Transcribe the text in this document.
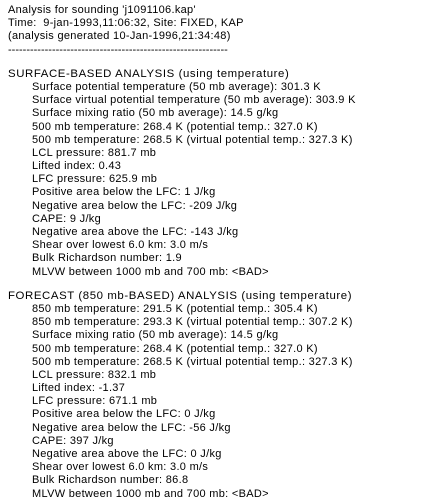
Analysis for sounding 'j1091106.kap'
Time:  9-jan-1993,11:06:32, Site: FIXED, KAP
(analysis generated 10-Jan-1996,21:34:48)
------------------------------------------------------------
SURFACE-BASED ANALYSIS (using temperature)
Surface potential temperature (50 mb average): 301.3 K
Surface virtual potential temperature (50 mb average): 303.9 K
Surface mixing ratio (50 mb average): 14.5 g/kg
500 mb temperature: 268.4 K (potential temp.: 327.0 K)
500 mb temperature: 268.5 K (virtual potential temp.: 327.3 K)
LCL pressure: 881.7 mb
Lifted index: 0.43
LFC pressure: 625.9 mb
Positive area below the LFC: 1 J/kg
Negative area below the LFC: -209 J/kg
CAPE: 9 J/kg
Negative area above the LFC: -143 J/kg
Shear over lowest 6.0 km: 3.0 m/s
Bulk Richardson number: 1.9
MLVW between 1000 mb and 700 mb: <BAD>
FORECAST (850 mb-BASED) ANALYSIS (using temperature)
850 mb temperature: 291.5 K (potential temp.: 305.4 K)
850 mb temperature: 293.3 K (virtual potential temp.: 307.2 K)
Surface mixing ratio (50 mb average): 14.5 g/kg
500 mb temperature: 268.4 K (potential temp.: 327.0 K)
500 mb temperature: 268.5 K (virtual potential temp.: 327.3 K)
LCL pressure: 832.1 mb
Lifted index: -1.37
LFC pressure: 671.1 mb
Positive area below the LFC: 0 J/kg
Negative area below the LFC: -56 J/kg
CAPE: 397 J/kg
Negative area above the LFC: 0 J/kg
Shear over lowest 6.0 km: 3.0 m/s
Bulk Richardson number: 86.8
MLVW between 1000 mb and 700 mb: <BAD>
